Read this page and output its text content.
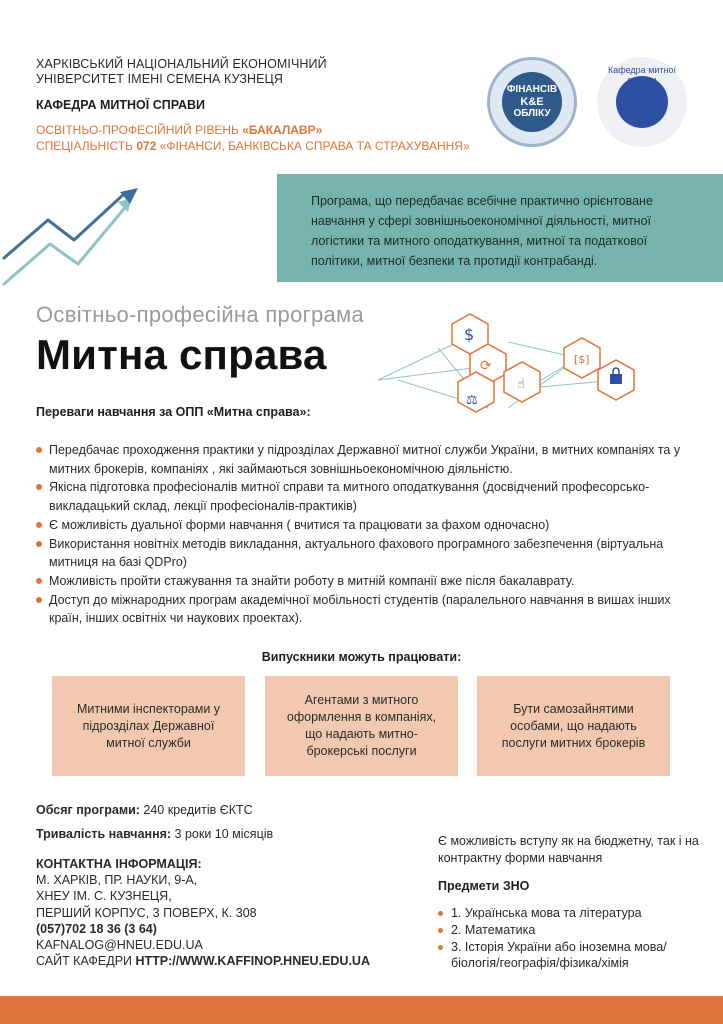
ХАРКІВСЬКИЙ НАЦІОНАЛЬНИЙ ЕКОНОМІЧНИЙ
УНІВЕРСИТЕТ ІМЕНІ СЕМЕНА КУЗНЕЦЯ
КАФЕДРА МИТНОЇ СПРАВИ
ОСВІТНЬО-ПРОФЕСІЙНИЙ РІВЕНЬ «БАКАЛАВР»
СПЕЦІАЛЬНІСТЬ 072 «ФІНАНСИ, БАНКІВСЬКА СПРАВА ТА СТРАХУВАННЯ»
ФІНАНСІВ
K&E
ОБЛІКУ
Кафедра митної справи

Програма, що передбачає всебічне практично орієнтоване навчання у сфері зовнішньоекономічної діяльності, митної логістики та митного оподаткування, митної та податкової політики, митної безпеки та протидії контрабанді.

Освітньо-професійна програма
Митна справа	$
⟳
⚖
[$]
☝
Переваги навчання за ОПП «Митна справа»:
Передбачає проходження практики у підрозділах Державної митної служби України, в митних компаніях та у митних брокерів, компаніях , які займаються зовнішньоекономічною діяльністю.
Якісна підготовка професіоналів митної справи та митного оподаткування (досвідчений професорсько-викладацький склад, лекції професіоналів-практиків)
Є можливість дуальної форми навчання ( вчитися та працювати за фахом одночасно)
Використання новітніх методів викладання, актуального фахового програмного забезпечення (віртуальна митниця на базі QDPro)
Можливість пройти стажування та знайти роботу в митній компанії вже після бакалаврату.
Доступ до міжнародних програм академічної мобільності студентів (паралельного навчання в вишах інших країн, інших освітніх чи наукових проектах).
Випускники можуть працювати:
Митними інспекторами у підрозділах Державної митної служби
Агентами з митного оформлення в компаніях, що надають митно-брокерські послуги
Бути самозайнятими особами, що надають послуги митних брокерів
Обсяг програми: 240 кредитів ЄКТС
Тривалість навчання: 3 роки 10 місяців
КОНТАКТНА ІНФОРМАЦІЯ:
М. ХАРКІВ, ПР. НАУКИ, 9-А,
ХНЕУ ІМ. С. КУЗНЕЦЯ,
ПЕРШИЙ КОРПУС, 3 ПОВЕРХ, К. 308
(057)702 18 36 (3 64)
KAFNALOG@HNEU.EDU.UA
САЙТ КАФЕДРИ HTTP://WWW.KAFFINOP.HNEU.EDU.UA
Є можливість вступу як на бюджетну, так і на контрактну форми навчання
Предмети ЗНО
1. Українська мова та література
2. Математика
3. Історія України або іноземна мова/ біологія/географія/фізика/хімія
